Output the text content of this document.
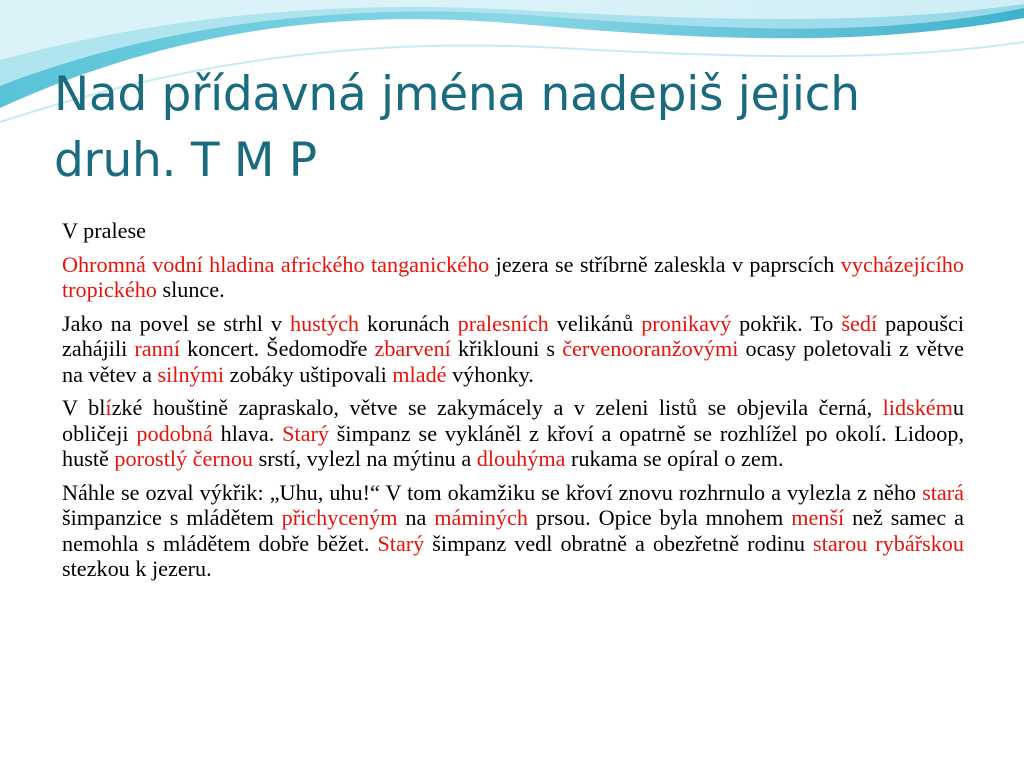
Nad přídavná jména nadepiš jejich druh. T M P

V pralese

Ohromná vodní hladina afrického tanganického jezera se stříbrně zaleskla v paprscích vycházejícího tropického slunce.

Jako na povel se strhl v hustých korunách pralesních velikánů pronikavý pokřik. To šedí papoušci zahájili ranní koncert. Šedomodře zbarvení křiklouni s červenooranžovými ocasy poletovali z větve na větev a silnými zobáky uštipovali mladé výhonky.

V blízké houštině zapraskalo, větve se zakymácely a v zeleni listů se objevila černá, lidskému obličeji podobná hlava. Starý šimpanz se vykláněl z křoví a opatrně se rozhlížel po okolí. Lidoop, hustě porostlý černou srstí, vylezl na mýtinu a dlouhýma rukama se opíral o zem.

Náhle se ozval výkřik: „Uhu, uhu!“ V tom okamžiku se křoví znovu rozhrnulo a vylezla z něho stará šimpanzice s mládětem přichyceným na máminých prsou. Opice byla mnohem menší než samec a nemohla s mládětem dobře běžet. Starý šimpanz vedl obratně a obezřetně rodinu starou rybářskou stezkou k jezeru.
